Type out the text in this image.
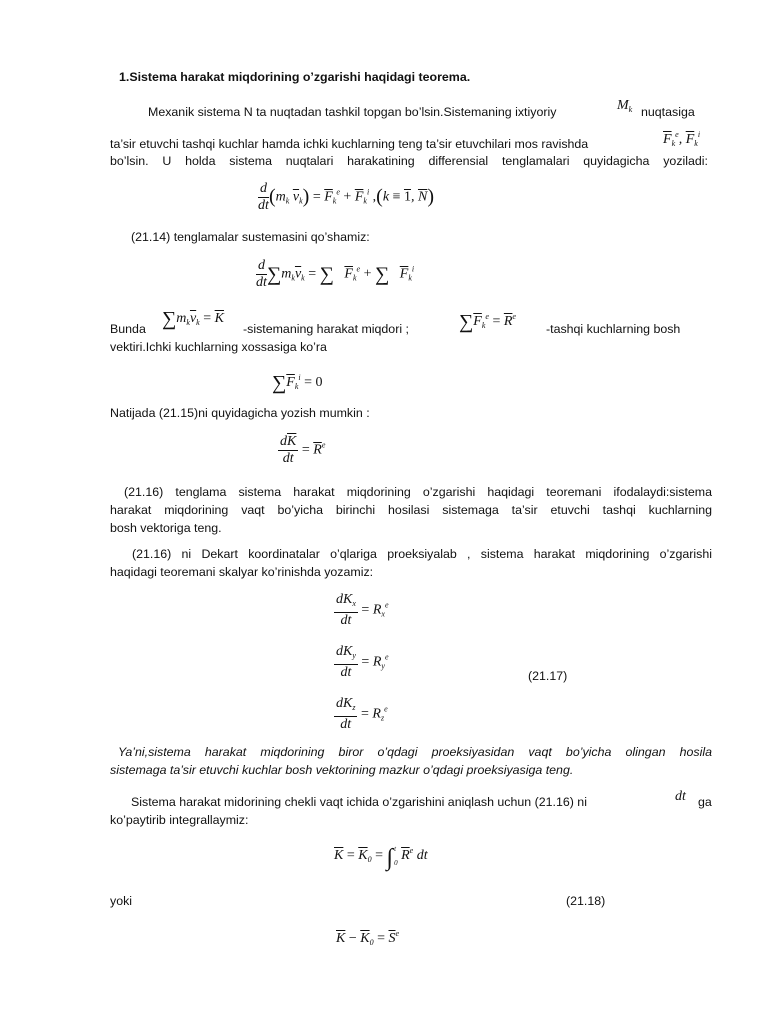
1.Sistema harakat miqdorining o’zgarishi haqidagi teorema.
Mexanik sistema N ta nuqtadan tashkil topgan bo’lsin.Sistemaning ixtiyoriy	$M_k$ nuqtasiga
ta’sir etuvchi tashqi kuchlar hamda ichki kuchlarning teng ta’sir etuvchilari mos ravishda	$\overline{F}_k^e$, $\overline{F}_k^i$
bo’lsin. U holda sistema nuqtalari harakatining differensial tenglamalari quyidagicha yoziladi:
$\frac{d}{dt} (m_k$ $\overline{v}_k) = \overline{F}_k^e + \overline{F}_k^i$ ,(k ≡ 1, $\overline{N}$)
(21.14) tenglamalar sustemasini qo’shamiz:
$\frac{d}{dt} \sum m_k\overline{v}_k$ = ∑ $\overline{F}_k^e$ + ∑ $\overline{F}_k^i$
Bunda $\sum m_k\overline{v}_k = \overline{K}$
-sistemaning harakat miqdori ;	$\sum\overline{F}_k^e = \overline{R}^e$
-tashqi kuchlarning bosh
vektiri.Ichki kuchlarning xossasiga ko’ra
$\sum\overline{F}_k^i = 0$
Natijada (21.15)ni quyidagicha yozish mumkin :
$\frac{d\overline{K}}{dt} = \overline{R}^e$
(21.16) tenglama sistema harakat miqdorining o’zgarishi haqidagi teoremani ifodalaydi:sistema
harakat miqdorining vaqt bo’yicha birinchi hosilasi sistemaga ta’sir etuvchi tashqi kuchlarning
bosh vektoriga teng.
(21.16) ni Dekart koordinatalar o’qlariga proeksiyalab , sistema harakat miqdorining o’zgarishi
haqidagi teoremani skalyar ko’rinishda yozamiz:
$\frac{dK_x}{dt} = R_x^e$
$\frac{dK_y}{dt} = R_y^e$
(21.17)
$\frac{dK_z}{dt} = R_z^e$
Ya’ni,sistema harakat miqdorining biror o’qdagi proeksiyasidan vaqt bo’yicha olingan hosila
sistemaga ta’sir etuvchi kuchlar bosh vektorining mazkur o’qdagi proeksiyasiga teng.
Sistema harakat midorining chekli vaqt ichida o’zgarishini aniqlash uchun (21.16) ni	dt ga
ko’paytirib integrallaymiz:
$\overline{K} = \overline{K}_0 = \int t$
0 $\overline{R}^e$ dt
yoki	(21.18)
$\overline{K} - \overline{K}_0 = \overline{S}^e$
